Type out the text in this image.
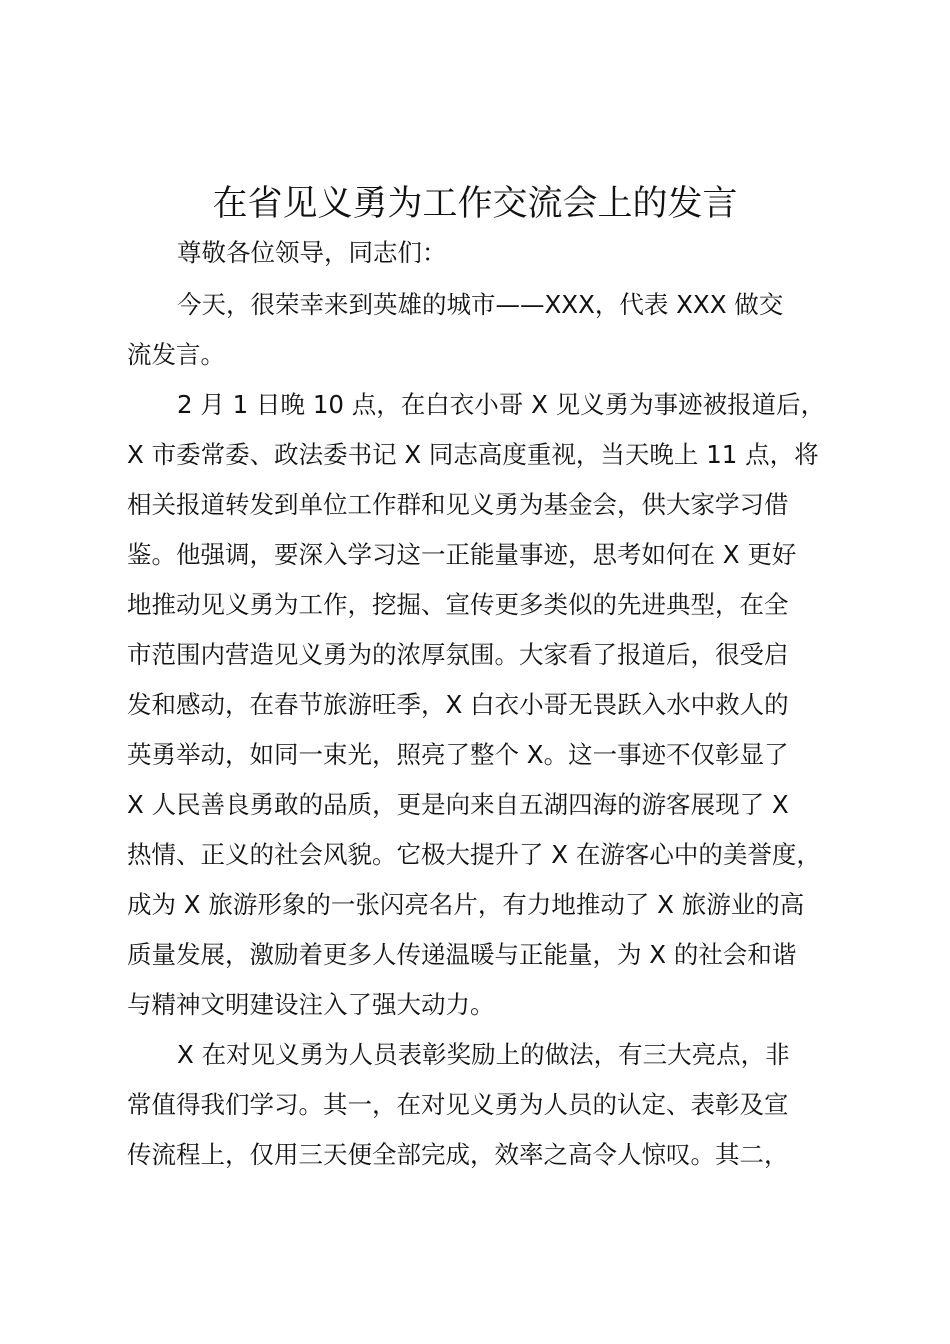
在省见义勇为工作交流会上的发言
尊敬各位领导，同志们：
今天，很荣幸来到英雄的城市——XXX，代表 XXX 做交
流发言。
2 月 1 日晚 10 点，在白衣小哥 X 见义勇为事迹被报道后，
X 市委常委、政法委书记 X 同志高度重视，当天晚上 11 点，将
相关报道转发到单位工作群和见义勇为基金会，供大家学习借
鉴。他强调，要深入学习这一正能量事迹，思考如何在 X 更好
地推动见义勇为工作，挖掘、宣传更多类似的先进典型，在全
市范围内营造见义勇为的浓厚氛围。大家看了报道后，很受启
发和感动，在春节旅游旺季，X 白衣小哥无畏跃入水中救人的
英勇举动，如同一束光，照亮了整个 X。这一事迹不仅彰显了
X 人民善良勇敢的品质，更是向来自五湖四海的游客展现了 X
热情、正义的社会风貌。它极大提升了 X 在游客心中的美誉度，
成为 X 旅游形象的一张闪亮名片，有力地推动了 X 旅游业的高
质量发展，激励着更多人传递温暖与正能量，为 X 的社会和谐
与精神文明建设注入了强大动力。
X 在对见义勇为人员表彰奖励上的做法，有三大亮点，非
常值得我们学习。其一，在对见义勇为人员的认定、表彰及宣
传流程上，仅用三天便全部完成，效率之高令人惊叹。其二，
